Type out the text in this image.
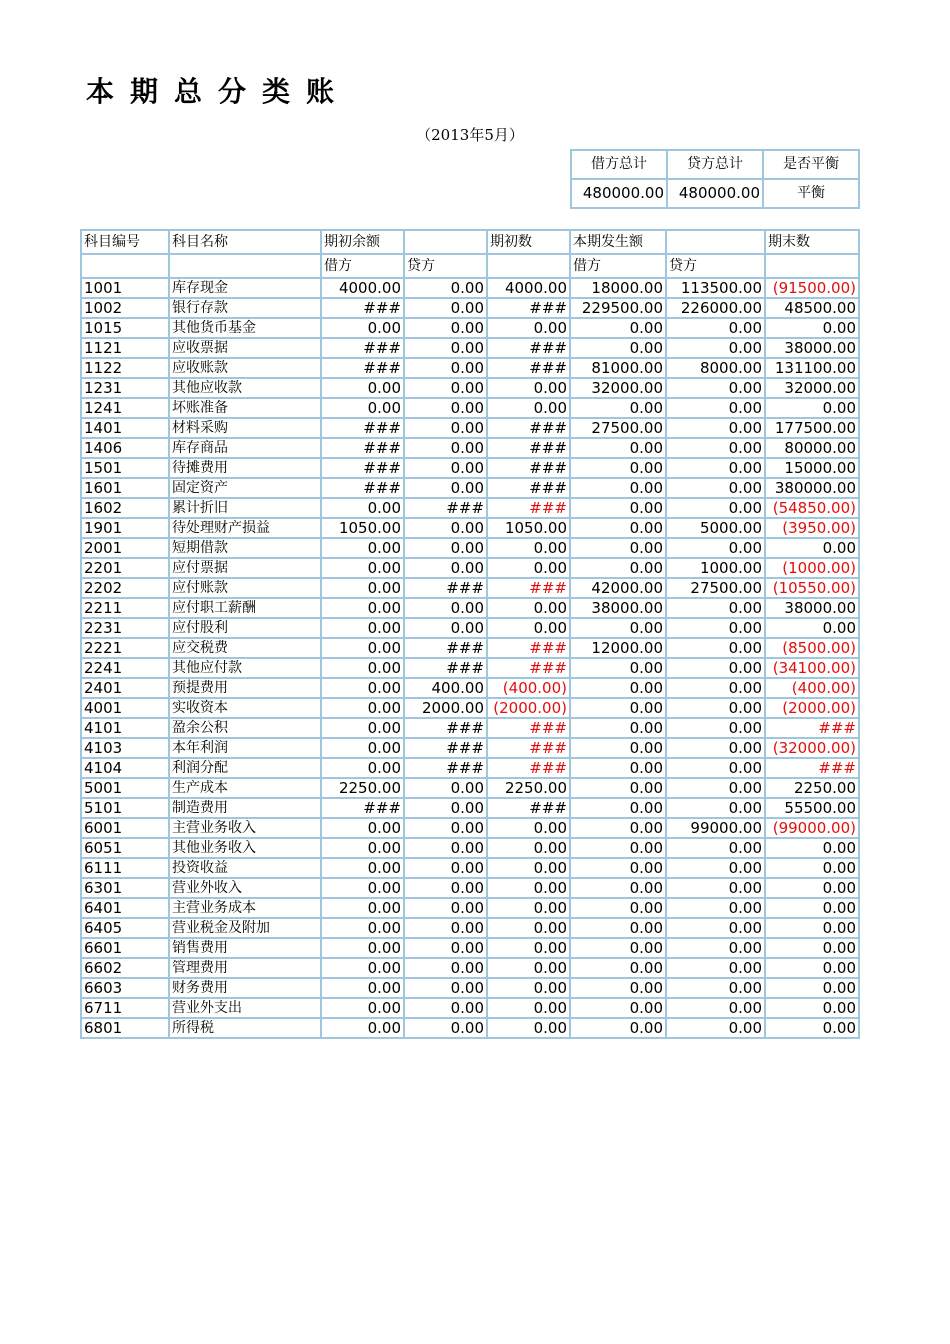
本期总分类账
（2013年5月）
借方总计	贷方总计	是否平衡
480000.00	480000.00	平衡
科目编号	科目名称	期初余额		期初数	本期发生额		期末数
		借方	贷方		借方	贷方	
1001	库存现金	4000.00	0.00	4000.00	18000.00	113500.00	(91500.00)
1002	银行存款	###	0.00	###	229500.00	226000.00	48500.00
1015	其他货币基金	0.00	0.00	0.00	0.00	0.00	0.00
1121	应收票据	###	0.00	###	0.00	0.00	38000.00
1122	应收账款	###	0.00	###	81000.00	8000.00	131100.00
1231	其他应收款	0.00	0.00	0.00	32000.00	0.00	32000.00
1241	坏账准备	0.00	0.00	0.00	0.00	0.00	0.00
1401	材料采购	###	0.00	###	27500.00	0.00	177500.00
1406	库存商品	###	0.00	###	0.00	0.00	80000.00
1501	待摊费用	###	0.00	###	0.00	0.00	15000.00
1601	固定资产	###	0.00	###	0.00	0.00	380000.00
1602	累计折旧	0.00	###	###	0.00	0.00	(54850.00)
1901	待处理财产损益	1050.00	0.00	1050.00	0.00	5000.00	(3950.00)
2001	短期借款	0.00	0.00	0.00	0.00	0.00	0.00
2201	应付票据	0.00	0.00	0.00	0.00	1000.00	(1000.00)
2202	应付账款	0.00	###	###	42000.00	27500.00	(10550.00)
2211	应付职工薪酬	0.00	0.00	0.00	38000.00	0.00	38000.00
2231	应付股利	0.00	0.00	0.00	0.00	0.00	0.00
2221	应交税费	0.00	###	###	12000.00	0.00	(8500.00)
2241	其他应付款	0.00	###	###	0.00	0.00	(34100.00)
2401	预提费用	0.00	400.00	(400.00)	0.00	0.00	(400.00)
4001	实收资本	0.00	2000.00	(2000.00)	0.00	0.00	(2000.00)
4101	盈余公积	0.00	###	###	0.00	0.00	###
4103	本年利润	0.00	###	###	0.00	0.00	(32000.00)
4104	利润分配	0.00	###	###	0.00	0.00	###
5001	生产成本	2250.00	0.00	2250.00	0.00	0.00	2250.00
5101	制造费用	###	0.00	###	0.00	0.00	55500.00
6001	主营业务收入	0.00	0.00	0.00	0.00	99000.00	(99000.00)
6051	其他业务收入	0.00	0.00	0.00	0.00	0.00	0.00
6111	投资收益	0.00	0.00	0.00	0.00	0.00	0.00
6301	营业外收入	0.00	0.00	0.00	0.00	0.00	0.00
6401	主营业务成本	0.00	0.00	0.00	0.00	0.00	0.00
6405	营业税金及附加	0.00	0.00	0.00	0.00	0.00	0.00
6601	销售费用	0.00	0.00	0.00	0.00	0.00	0.00
6602	管理费用	0.00	0.00	0.00	0.00	0.00	0.00
6603	财务费用	0.00	0.00	0.00	0.00	0.00	0.00
6711	营业外支出	0.00	0.00	0.00	0.00	0.00	0.00
6801	所得税	0.00	0.00	0.00	0.00	0.00	0.00
